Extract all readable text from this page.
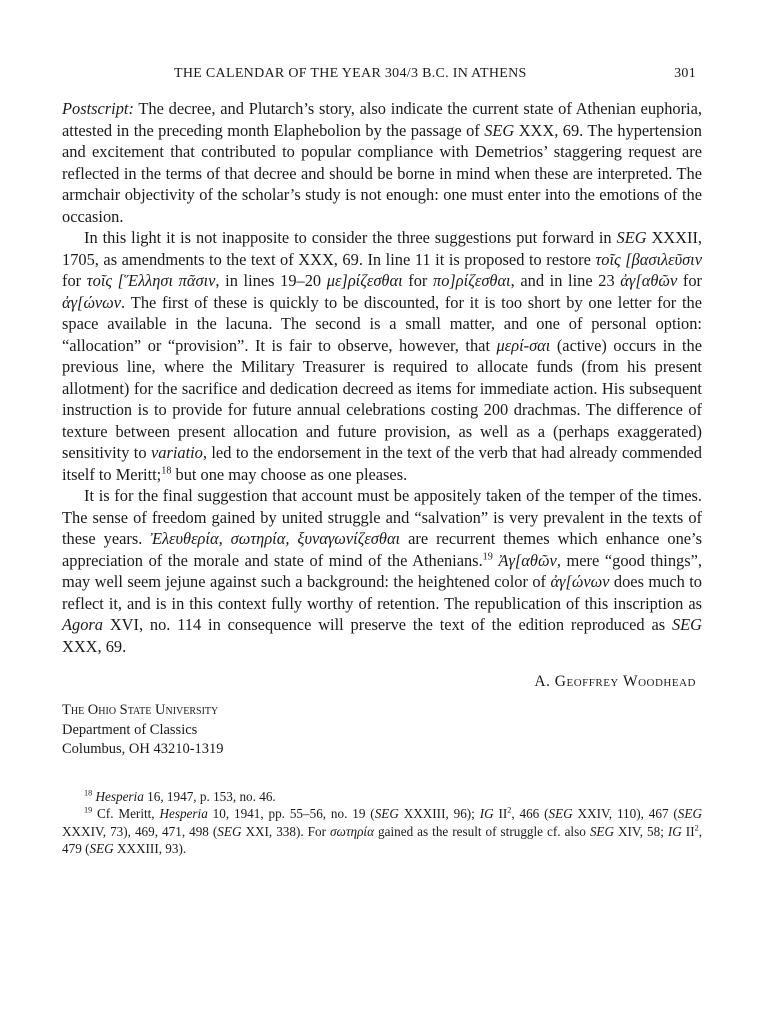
THE CALENDAR OF THE YEAR 304/3 B.C. IN ATHENS	301

Postscript: The decree, and Plutarch’s story, also indicate the current state of Athenian euphoria, attested in the preceding month Elaphebolion by the passage of SEG XXX, 69. The hypertension and excitement that contributed to popular compliance with Demetrios’ staggering request are reflected in the terms of that decree and should be borne in mind when these are interpreted. The armchair objectivity of the scholar’s study is not enough: one must enter into the emotions of the occasion.

In this light it is not inapposite to consider the three suggestions put forward in SEG XXXII, 1705, as amendments to the text of XXX, 69. In line 11 it is proposed to restore τοῖς [βασιλεῦσιν for τοῖς [Ἕλλησι πᾶσιν, in lines 19–20 με]ρίζεσθαι for πο]ρίζεσθαι, and in line 23 ἀγ[αθῶν for ἀγ[ώνων. The first of these is quickly to be discounted, for it is too short by one letter for the space available in the lacuna. The second is a small matter, and one of personal option: “allocation” or “provision”. It is fair to observe, however, that μερί-σαι (active) occurs in the previous line, where the Military Treasurer is required to allocate funds (from his present allotment) for the sacrifice and dedication decreed as items for immediate action. His subsequent instruction is to provide for future annual celebrations costing 200 drachmas. The difference of texture between present allocation and future provision, as well as a (perhaps exaggerated) sensitivity to variatio, led to the endorsement in the text of the verb that had already commended itself to Meritt;$^{18}$ but one may choose as one pleases.

It is for the final suggestion that account must be appositely taken of the temper of the times. The sense of freedom gained by united struggle and “salvation” is very prevalent in the texts of these years. Ἐλευθερία, σωτηρία, ξυναγωνίζεσθαι are recurrent themes which enhance one’s appreciation of the morale and state of mind of the Athenians.$^{19}$ Ἀγ[αθῶν, mere “good things”, may well seem jejune against such a background: the heightened color of ἀγ[ώνων does much to reflect it, and is in this context fully worthy of retention. The republication of this inscription as Agora XVI, no. 114 in consequence will preserve the text of the edition reproduced as SEG XXX, 69.

A. Geoffrey Woodhead
The Ohio State University
Department of Classics
Columbus, OH 43210-1319
$^{18}$ Hesperia 16, 1947, p. 153, no. 46.
$^{19}$ Cf. Meritt, Hesperia 10, 1941, pp. 55–56, no. 19 (SEG XXXIII, 96); IG $II^2$, 466 (SEG XXIV, 110), 467 (SEG XXXIV, 73), 469, 471, 498 (SEG XXI, 338). For σωτηρία gained as the result of struggle cf. also SEG XIV, 58; IG $II^2$, 479 (SEG XXXIII, 93).
